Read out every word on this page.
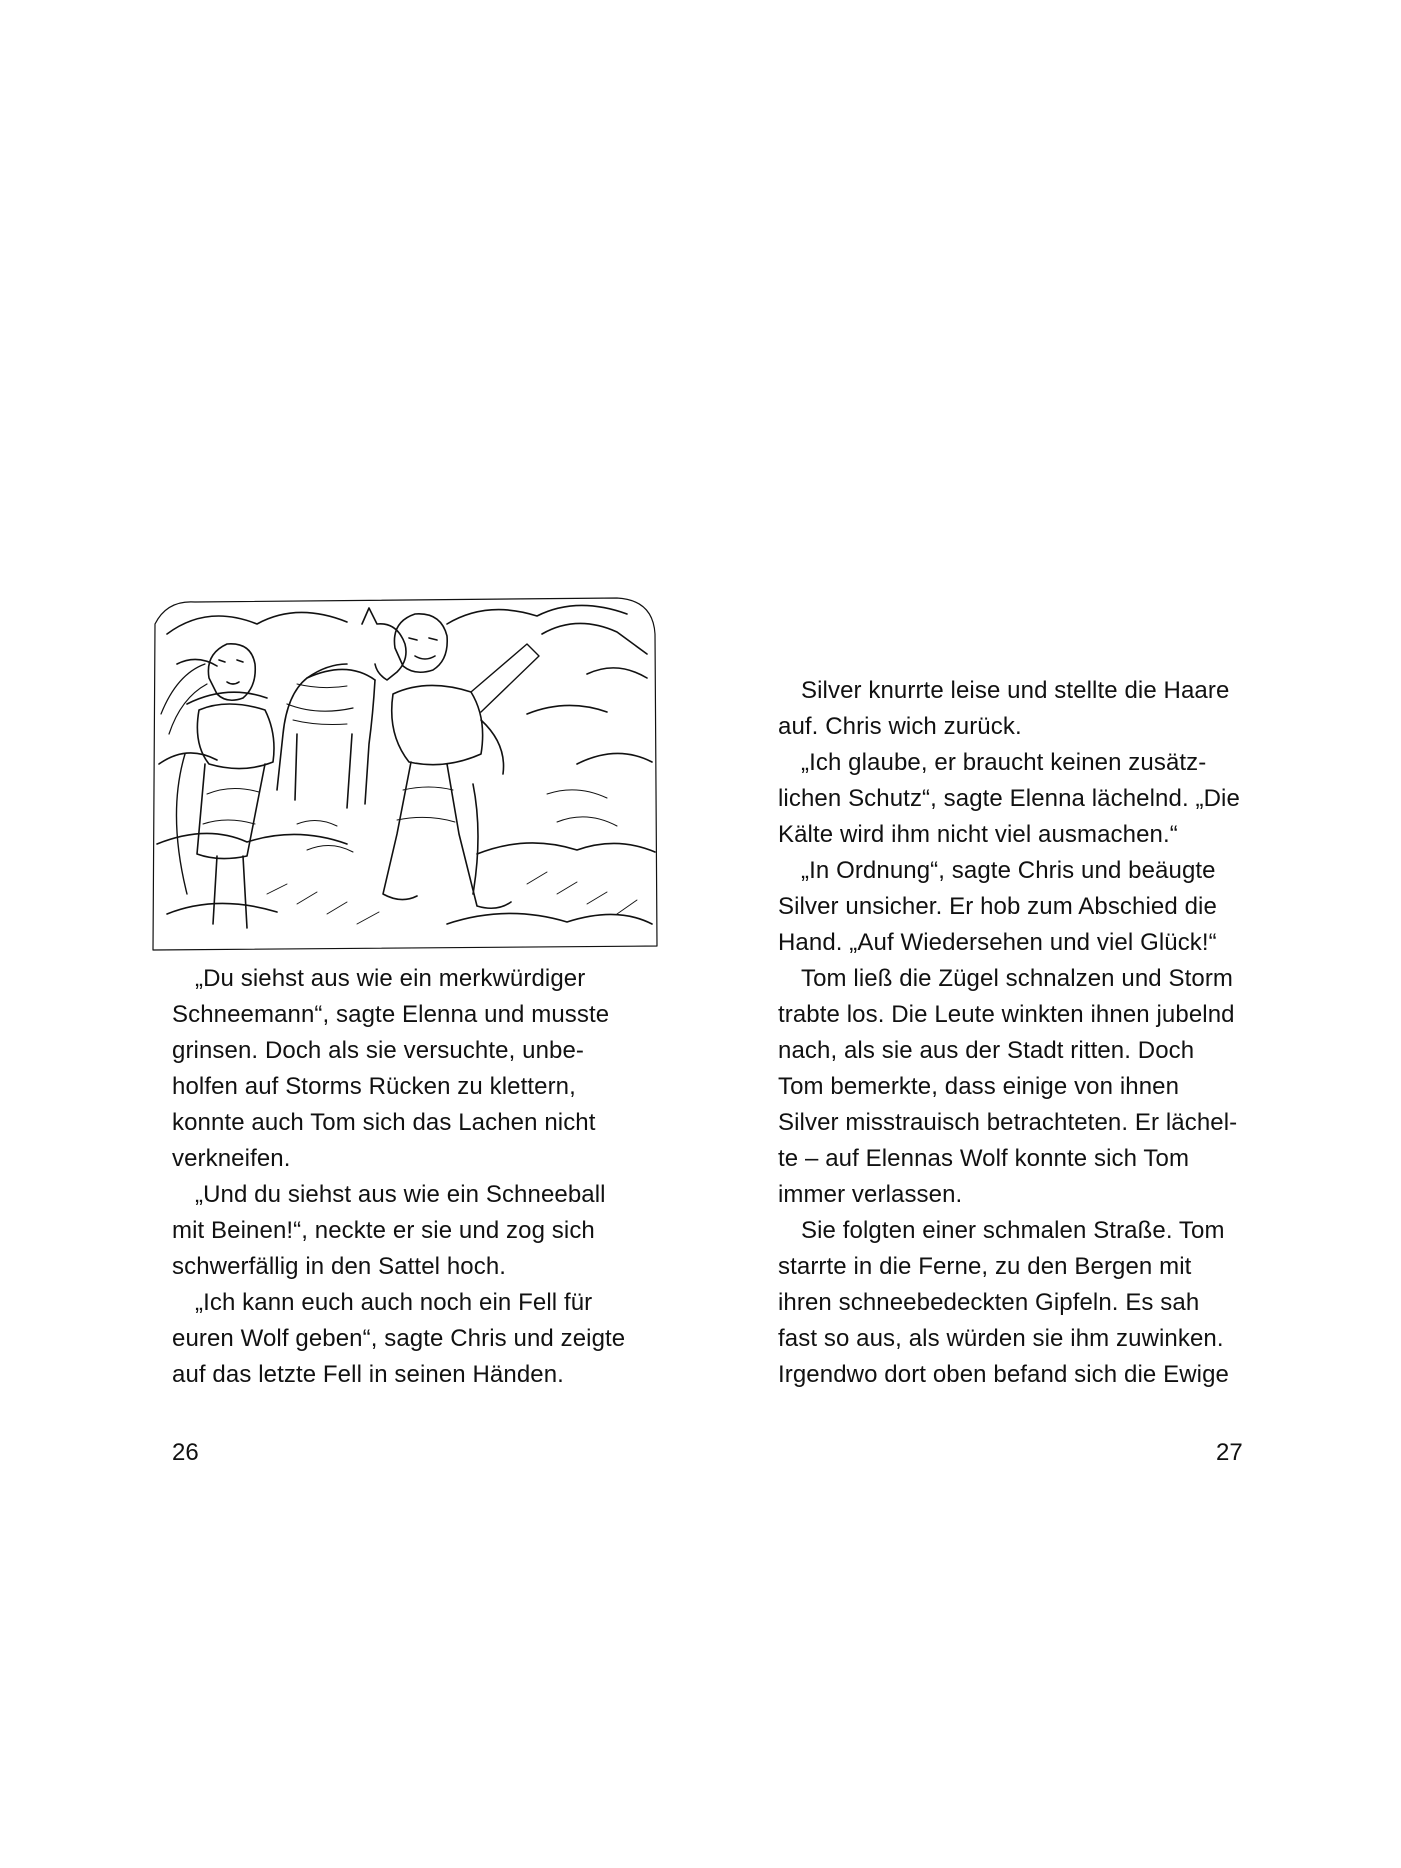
„Du siehst aus wie ein merkwürdiger
Schneemann“, sagte Elenna und musste
grinsen. Doch als sie versuchte, unbe-
holfen auf Storms Rücken zu klettern,
konnte auch Tom sich das Lachen nicht
verkneifen.
„Und du siehst aus wie ein Schneeball
mit Beinen!“, neckte er sie und zog sich
schwerfällig in den Sattel hoch.
„Ich kann euch auch noch ein Fell für
euren Wolf geben“, sagte Chris und zeigte
auf das letzte Fell in seinen Händen.
26
Silver knurrte leise und stellte die Haare
auf. Chris wich zurück.
„Ich glaube, er braucht keinen zusätz-
lichen Schutz“, sagte Elenna lächelnd. „Die
Kälte wird ihm nicht viel ausmachen.“
„In Ordnung“, sagte Chris und beäugte
Silver unsicher. Er hob zum Abschied die
Hand. „Auf Wiedersehen und viel Glück!“
Tom ließ die Zügel schnalzen und Storm
trabte los. Die Leute winkten ihnen jubelnd
nach, als sie aus der Stadt ritten. Doch
Tom bemerkte, dass einige von ihnen
Silver misstrauisch betrachteten. Er lächel-
te – auf Elennas Wolf konnte sich Tom
immer verlassen.
Sie folgten einer schmalen Straße. Tom
starrte in die Ferne, zu den Bergen mit
ihren schneebedeckten Gipfeln. Es sah
fast so aus, als würden sie ihm zuwinken.
Irgendwo dort oben befand sich die Ewige
27
